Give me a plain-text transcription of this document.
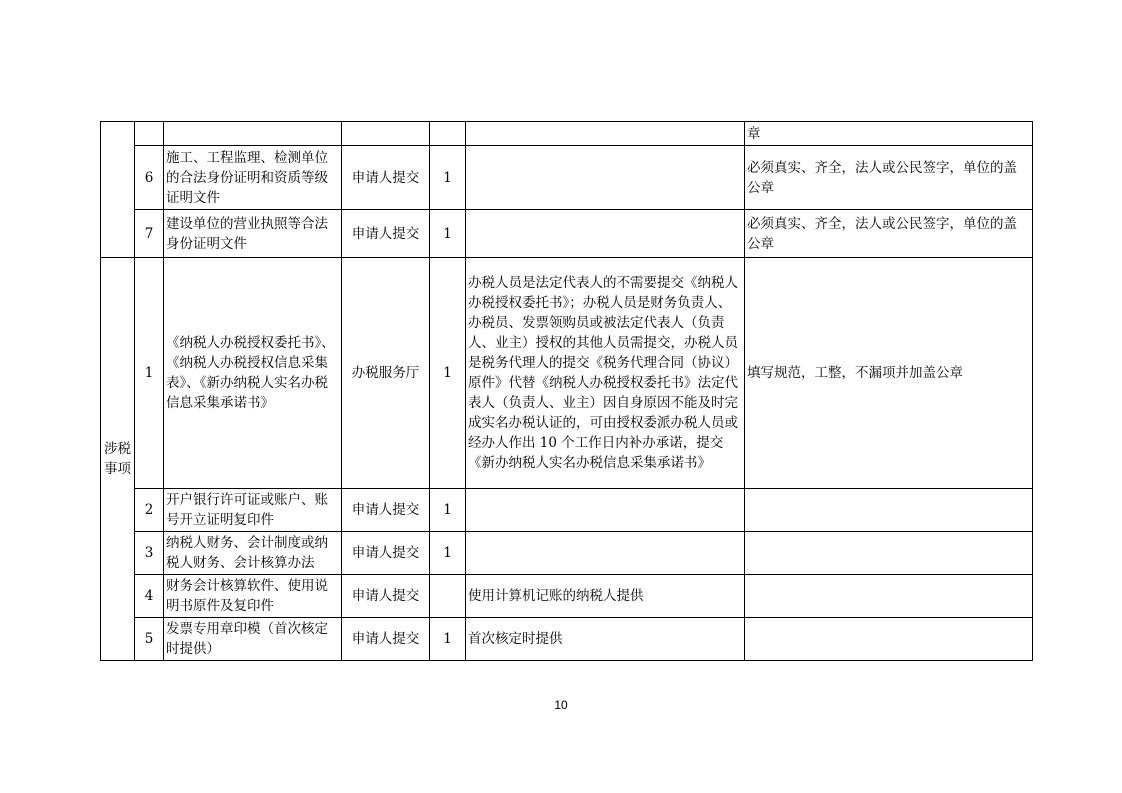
						章
	6	施工、工程监理、检测单位的合法身份证明和资质等级证明文件	申请人提交	1		必须真实、齐全，法人或公民签字，单位的盖公章
	7	建设单位的营业执照等合法身份证明文件	申请人提交	1		必须真实、齐全，法人或公民签字，单位的盖公章
涉税事项	1	《纳税人办税授权委托书》、《纳税人办税授权信息采集表》、《新办纳税人实名办税信息采集承诺书》	办税服务厅	1	办税人员是法定代表人的不需要提交《纳税人办税授权委托书》；办税人员是财务负责人、办税员、发票领购员或被法定代表人（负责人、业主）授权的其他人员需提交，办税人员是税务代理人的提交《税务代理合同（协议）原件》代替《纳税人办税授权委托书》法定代表人（负责人、业主）因自身原因不能及时完成实名办税认证的，可由授权委派办税人员或经办人作出 10 个工作日内补办承诺，提交《新办纳税人实名办税信息采集承诺书》	填写规范，工整，不漏项并加盖公章
	2	开户银行许可证或账户、账号开立证明复印件	申请人提交	1		
	3	纳税人财务、会计制度或纳税人财务、会计核算办法	申请人提交	1		
	4	财务会计核算软件、使用说明书原件及复印件	申请人提交		使用计算机记账的纳税人提供	
	5	发票专用章印模（首次核定时提供）	申请人提交	1	首次核定时提供	
10
